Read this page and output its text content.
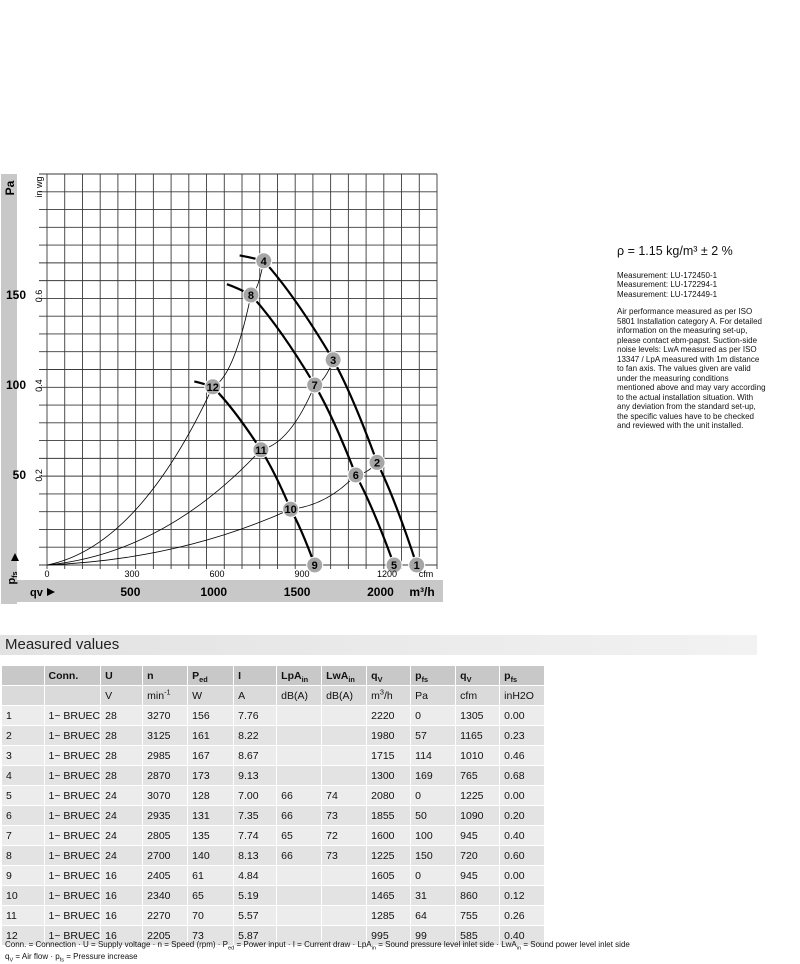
1
2
3
4
5
6
7
8
9
10
11
12
Pa in wg
50
100
150
0.2
0.4
0.6
pfs	0	300	600	900	1200 cfm
500	1000	1500	2000 m³/h
qv
ρ = 1.15 kg/m³ ± 2 %

Measurement: LU-172450-1

Measurement: LU-172294-1

Measurement: LU-172449-1

Air performance measured as per ISO 5801 Installation category A. For detailed information on the measuring set-up, please contact ebm-papst. Suction-side noise levels: LwA measured as per ISO 13347 / LpA measured with 1m distance to fan axis. The values given are valid under the measuring conditions mentioned above and may vary according to the actual installation situation. With any deviation from the standard set-up, the specific values have to be checked and reviewed with the unit installed.
Measured values
	Conn.	U	n	$P_{ed}$	I	LpA$_{in}$	LwA$_{in}$	$q_V$	$p_{fs}$	$q_V$	$p_{fs}$
		V	$\min^{-1}$	W	A	dB(A)	dB(A)	$m^3/h$	Pa	cfm	inH2O
1	1~ BRUEC	28	3270	156	7.76			2220	0	1305	0.00
2	1~ BRUEC	28	3125	161	8.22			1980	57	1165	0.23
3	1~ BRUEC	28	2985	167	8.67			1715	114	1010	0.46
4	1~ BRUEC	28	2870	173	9.13			1300	169	765	0.68
5	1~ BRUEC	24	3070	128	7.00	66	74	2080	0	1225	0.00
6	1~ BRUEC	24	2935	131	7.35	66	73	1855	50	1090	0.20
7	1~ BRUEC	24	2805	135	7.74	65	72	1600	100	945	0.40
8	1~ BRUEC	24	2700	140	8.13	66	73	1225	150	720	0.60
9	1~ BRUEC	16	2405	61	4.84			1605	0	945	0.00
10	1~ BRUEC	16	2340	65	5.19			1465	31	860	0.12
11	1~ BRUEC	16	2270	70	5.57			1285	64	755	0.26
12	1~ BRUEC	16	2205	73	5.87			995	99	585	0.40
Conn. = Connection · U = Supply voltage · n = Speed $(rpm) \cdot P_{ed}$ = Power input · I = Current draw · LpA$_{in}$ = Sound pressure level inlet side · LwA$_{in}$ = Sound power level inlet side
$q_V$ = Air flow · $p_{fs}$ = Pressure increase
